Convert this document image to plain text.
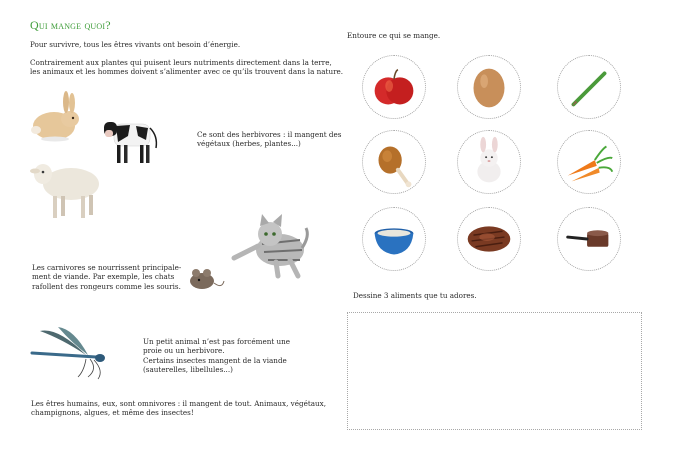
Qui mange quoi?
Pour survivre, tous les êtres vivants ont besoin d’énergie.
Contrairement aux plantes qui puisent leurs nutriments directement dans la terre,
les animaux et les hommes doivent s’alimenter avec ce qu’ils trouvent dans la nature.
Ce sont des herbivores : il mangent des
végétaux (herbes, plantes...)
Les carnivores se nourrissent principale-
ment de viande. Par exemple, les chats
rafollent des rongeurs comme les souris.
Un petit animal n’est pas forcément une
proie ou un herbivore.
Certains insectes mangent de la viande
(sauterelles, libellules...)
Les êtres humains, eux, sont omnivores : il mangent de tout. Animaux, végétaux,
champignons, algues, et même des insectes!
Entoure ce qui se mange.
Dessine 3 aliments que tu adores.
